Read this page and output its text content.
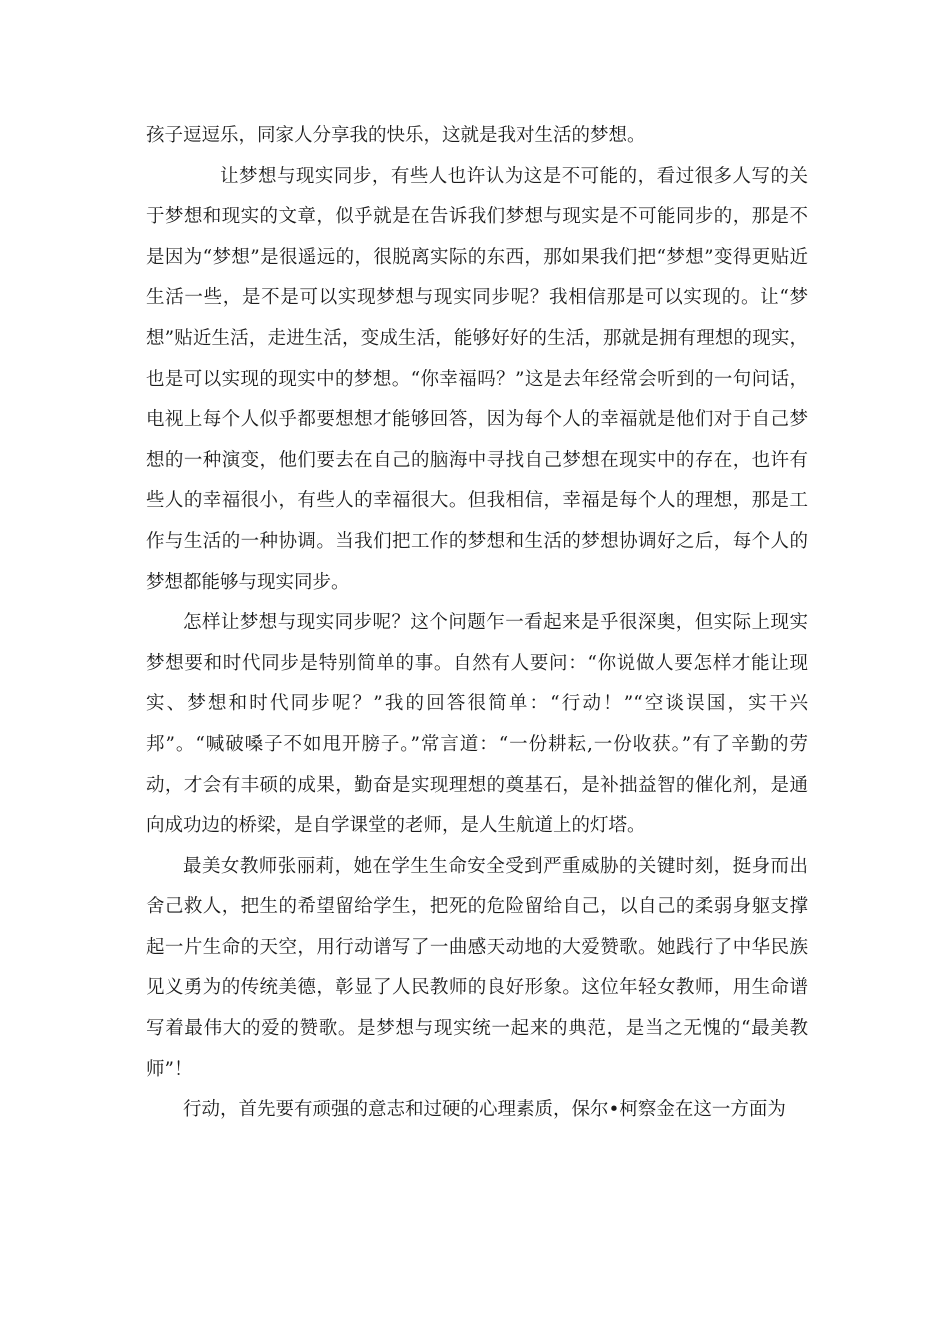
孩子逗逗乐，同家人分享我的快乐，这就是我对生活的梦想。

让梦想与现实同步，有些人也许认为这是不可能的，看过很多人写的关于梦想和现实的文章，似乎就是在告诉我们梦想与现实是不可能同步的，那是不是因为“梦想”是很遥远的，很脱离实际的东西，那如果我们把“梦想”变得更贴近生活一些，是不是可以实现梦想与现实同步呢？我相信那是可以实现的。让“梦想”贴近生活，走进生活，变成生活，能够好好的生活，那就是拥有理想的现实，也是可以实现的现实中的梦想。“你幸福吗？”这是去年经常会听到的一句问话，电视上每个人似乎都要想想才能够回答，因为每个人的幸福就是他们对于自己梦想的一种演变，他们要去在自己的脑海中寻找自己梦想在现实中的存在，也许有些人的幸福很小，有些人的幸福很大。但我相信，幸福是每个人的理想，那是工作与生活的一种协调。当我们把工作的梦想和生活的梦想协调好之后，每个人的梦想都能够与现实同步。

怎样让梦想与现实同步呢？这个问题乍一看起来是乎很深奥，但实际上现实梦想要和时代同步是特别简单的事。自然有人要问：“你说做人要怎样才能让现实、梦想和时代同步呢？”我的回答很简单：“行动！”“空谈误国，实干兴邦”。“喊破嗓子不如甩开膀子。”常言道：“一份耕耘,一份收获。”有了辛勤的劳动，才会有丰硕的成果，勤奋是实现理想的奠基石，是补拙益智的催化剂，是通向成功边的桥梁，是自学课堂的老师，是人生航道上的灯塔。

最美女教师张丽莉，她在学生生命安全受到严重威胁的关键时刻，挺身而出舍己救人，把生的希望留给学生，把死的危险留给自己，以自己的柔弱身躯支撑起一片生命的天空，用行动谱写了一曲感天动地的大爱赞歌。她践行了中华民族见义勇为的传统美德，彰显了人民教师的良好形象。这位年轻女教师，用生命谱写着最伟大的爱的赞歌。是梦想与现实统一起来的典范，是当之无愧的“最美教师”！

行动，首先要有顽强的意志和过硬的心理素质，保尔•柯察金在这一方面为
